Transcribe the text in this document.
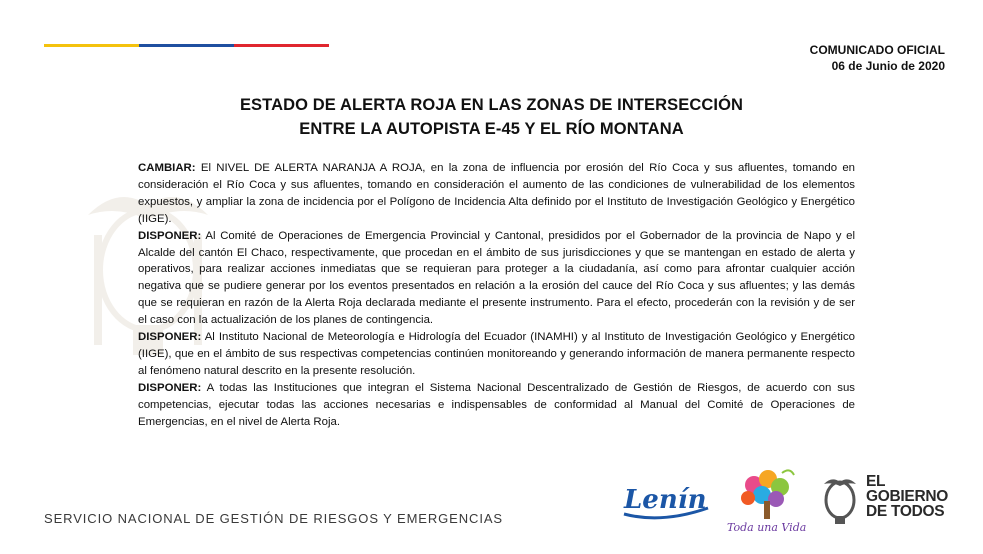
COMUNICADO OFICIAL
06 de Junio de 2020
ESTADO DE ALERTA ROJA EN LAS ZONAS DE INTERSECCIÓN
ENTRE LA AUTOPISTA E-45 Y EL RÍO MONTANA

CAMBIAR: El NIVEL DE ALERTA NARANJA A ROJA, en la zona de influencia por erosión del Río Coca y sus afluentes, tomando en consideración el Río Coca y sus afluentes, tomando en consideración el aumento de las condiciones de vulnerabilidad de los elementos expuestos, y ampliar la zona de incidencia por el Polígono de Incidencia Alta definido por el Instituto de Investigación Geológico y Energético (IIGE).

DISPONER: Al Comité de Operaciones de Emergencia Provincial y Cantonal, presididos por el Gobernador de la provincia de Napo y el Alcalde del cantón El Chaco, respectivamente, que procedan en el ámbito de sus jurisdicciones y que se mantengan en estado de alerta y operativos, para realizar acciones inmediatas que se requieran para proteger a la ciudadanía, así como para afrontar cualquier acción negativa que se pudiere generar por los eventos presentados en relación a la erosión del cauce del Río Coca y sus afluentes; y las demás que se requieran en razón de la Alerta Roja declarada mediante el presente instrumento. Para el efecto, procederán con la revisión y de ser el caso con la actualización de los planes de contingencia.

DISPONER: Al Instituto Nacional de Meteorología e Hidrología del Ecuador (INAMHI) y al Instituto de Investigación Geológico y Energético (IIGE), que en el ámbito de sus respectivas competencias continúen monitoreando y generando información de manera permanente respecto al fenómeno natural descrito en la presente resolución.

DISPONER: A todas las Instituciones que integran el Sistema Nacional Descentralizado de Gestión de Riesgos, de acuerdo con sus competencias, ejecutar todas las acciones necesarias e indispensables de conformidad al Manual del Comité de Operaciones de Emergencias, en el nivel de Alerta Roja.

SERVICIO NACIONAL DE GESTIÓN DE RIESGOS Y EMERGENCIAS
Lenín
Toda una Vida
EL
GOBIERNO
DE TODOS
